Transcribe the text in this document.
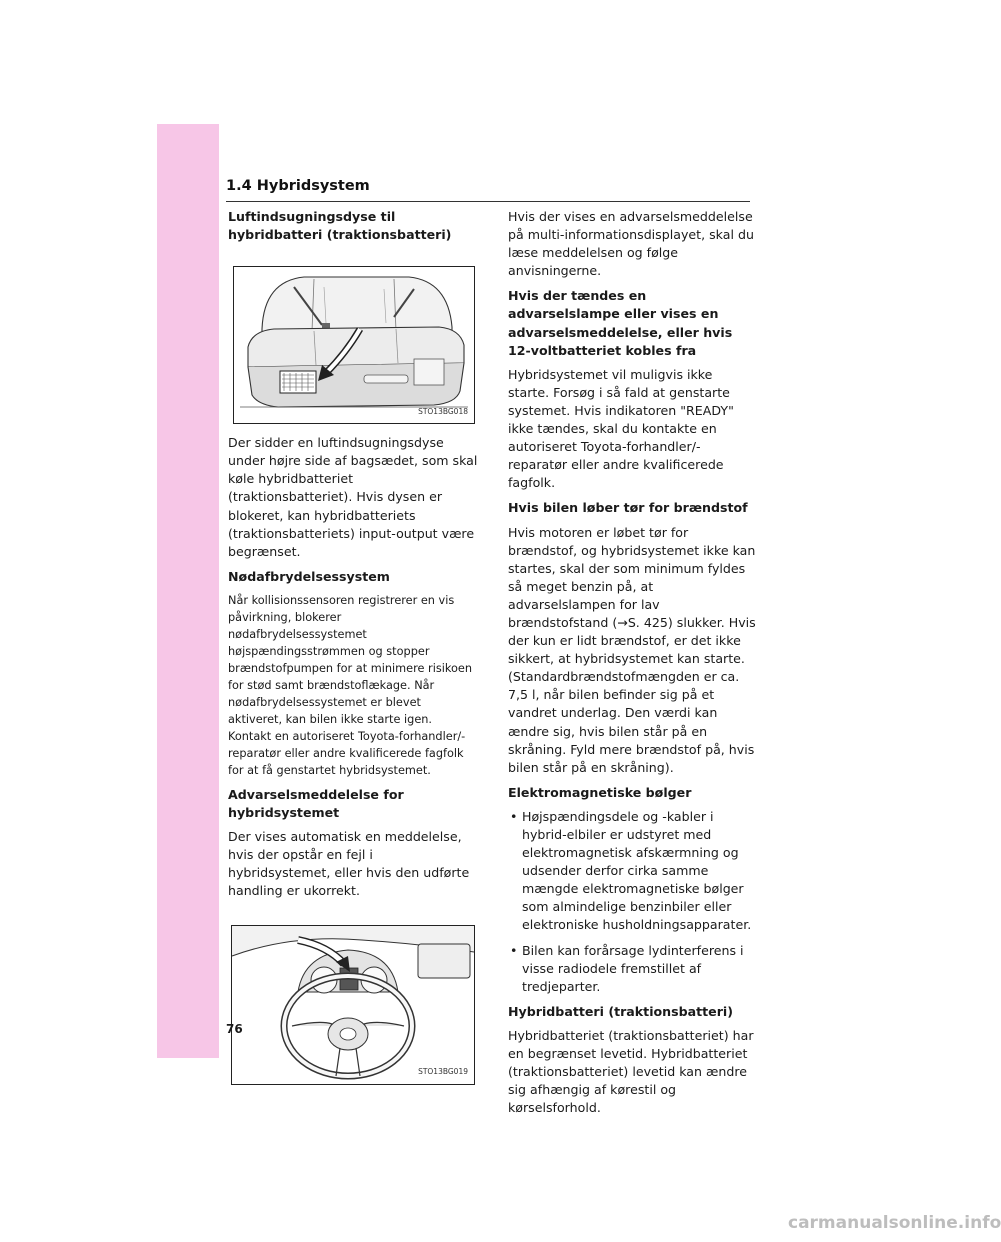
1.4 Hybridsystem
Luftindsugningsdyse til hybridbatteri (traktionsbatteri)
STO13BG018

Der sidder en luftindsugningsdyse under højre side af bagsædet, som skal køle hybridbatteriet (traktionsbatteriet). Hvis dysen er blokeret, kan hybridbatteriets (traktionsbatteriets) input-output være begrænset.

Nødafbrydelsessystem

Når kollisionssensoren registrerer en vis påvirkning, blokerer nødafbrydelsessystemet højspændingsstrømmen og stopper brændstofpumpen for at minimere risikoen for stød samt brændstoflækage. Når nødafbrydelsessystemet er blevet aktiveret, kan bilen ikke starte igen. Kontakt en autoriseret Toyota-forhandler/-reparatør eller andre kvalificerede fagfolk for at få genstartet hybridsystemet.

Advarselsmeddelelse for hybridsystemet

Der vises automatisk en meddelelse, hvis der opstår en fejl i hybridsystemet, eller hvis den udførte handling er ukorrekt.

STO13BG019

Hvis der vises en advarselsmeddelelse på multi-informationsdisplayet, skal du læse meddelelsen og følge anvisningerne.

Hvis der tændes en advarselslampe eller vises en advarselsmeddelelse, eller hvis 12-voltbatteriet kobles fra

Hybridsystemet vil muligvis ikke starte. Forsøg i så fald at genstarte systemet. Hvis indikatoren "READY" ikke tændes, skal du kontakte en autoriseret Toyota-forhandler/-reparatør eller andre kvalificerede fagfolk.

Hvis bilen løber tør for brændstof

Hvis motoren er løbet tør for brændstof, og hybridsystemet ikke kan startes, skal der som minimum fyldes så meget benzin på, at advarselslampen for lav brændstofstand (→S. 425) slukker. Hvis der kun er lidt brændstof, er det ikke sikkert, at hybridsystemet kan starte. (Standardbrændstofmængden er ca. 7,5 l, når bilen befinder sig på et vandret underlag. Den værdi kan ændre sig, hvis bilen står på en skråning. Fyld mere brændstof på, hvis bilen står på en skråning).

Elektromagnetiske bølger
• Højspændingsdele og -kabler i hybrid-elbiler er udstyret med elektromagnetisk afskærmning og udsender derfor cirka samme mængde elektromagnetiske bølger som almindelige benzinbiler eller elektroniske husholdningsapparater.
• Bilen kan forårsage lydinterferens i visse radiodele fremstillet af tredjeparter.
Hybridbatteri (traktionsbatteri)

Hybridbatteriet (traktionsbatteriet) har en begrænset levetid. Hybridbatteriet (traktionsbatteriet) levetid kan ændre sig afhængig af kørestil og kørselsforhold.

76
carmanualsonline.info
